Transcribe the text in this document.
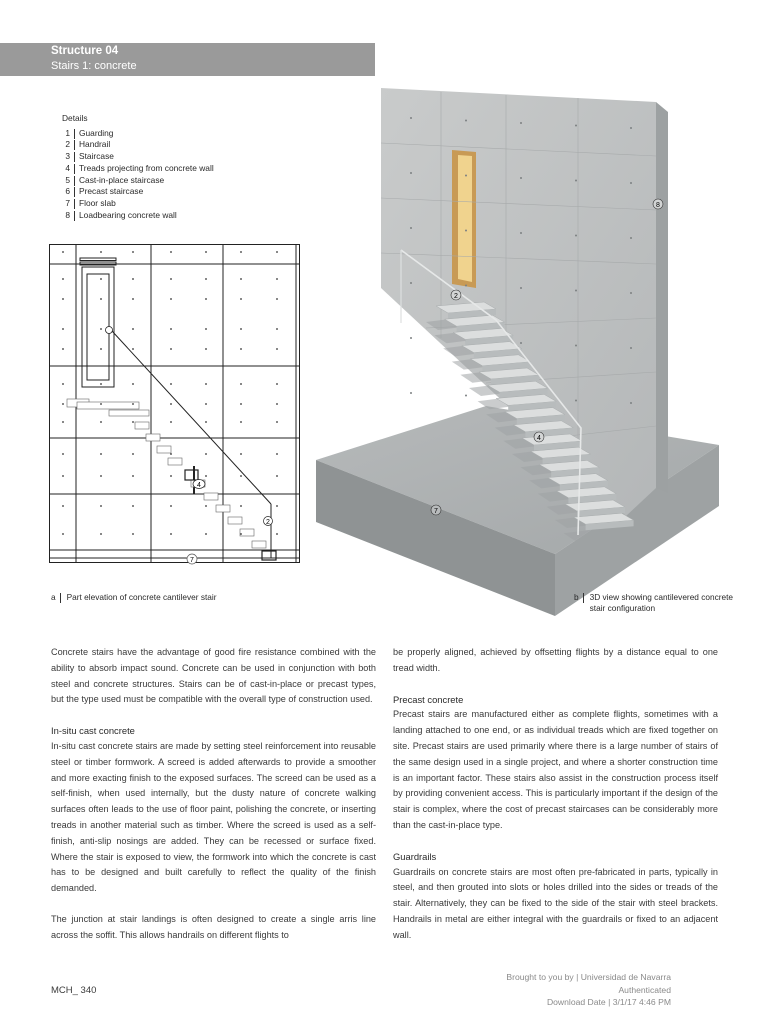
Structure 04
Stairs 1: concrete
Details
1 Guarding
2 Handrail
3 Staircase
4 Treads projecting from concrete wall
5 Cast-in-place staircase
6 Precast staircase
7 Floor slab
8 Loadbearing concrete wall
4
2
7
8
2
4
7
a Part elevation of concrete cantilever stair	b 3D view showing cantilevered concrete stair configuration

Concrete stairs have the advantage of good fire resistance combined with the ability to absorb impact sound. Concrete can be used in conjunction with both steel and concrete structures. Stairs can be of cast-in-place or precast types, but the type used must be compatible with the overall type of construction used.

In-situ cast concrete

In-situ cast concrete stairs are made by setting steel reinforcement into reusable steel or timber formwork. A screed is added afterwards to provide a smoother and more exacting finish to the exposed surfaces. The screed can be used as a self-finish, when used internally, but the dusty nature of concrete walking surfaces often leads to the use of floor paint, polishing the concrete, or inserting treads in another material such as timber. Where the screed is used as a self-finish, anti-slip nosings are added. They can be recessed or surface fixed. Where the stair is exposed to view, the formwork into which the concrete is cast has to be designed and built carefully to reflect the quality of the finish demanded.

The junction at stair landings is often designed to create a single arris line across the soffit. This allows handrails on different flights to

be properly aligned, achieved by offsetting flights by a distance equal to one tread width.

Precast concrete

Precast stairs are manufactured either as complete flights, sometimes with a landing attached to one end, or as individual treads which are fixed together on site. Precast stairs are used primarily where there is a large number of stairs of the same design used in a single project, and where a shorter construction time is an important factor. These stairs also assist in the construction process itself by providing convenient access. This is particularly important if the design of the stair is complex, where the cost of precast staircases can be considerably more than the cast-in-place type.

Guardrails

Guardrails on concrete stairs are most often pre-fabricated in parts, typically in steel, and then grouted into slots or holes drilled into the sides or treads of the stair. Alternatively, they can be fixed to the side of the stair with steel brackets. Handrails in metal are either integral with the guardrails or fixed to an adjacent wall.

MCH_ 340
Brought to you by | Universidad de Navarra
Authenticated
Download Date | 3/1/17 4:46 PM
